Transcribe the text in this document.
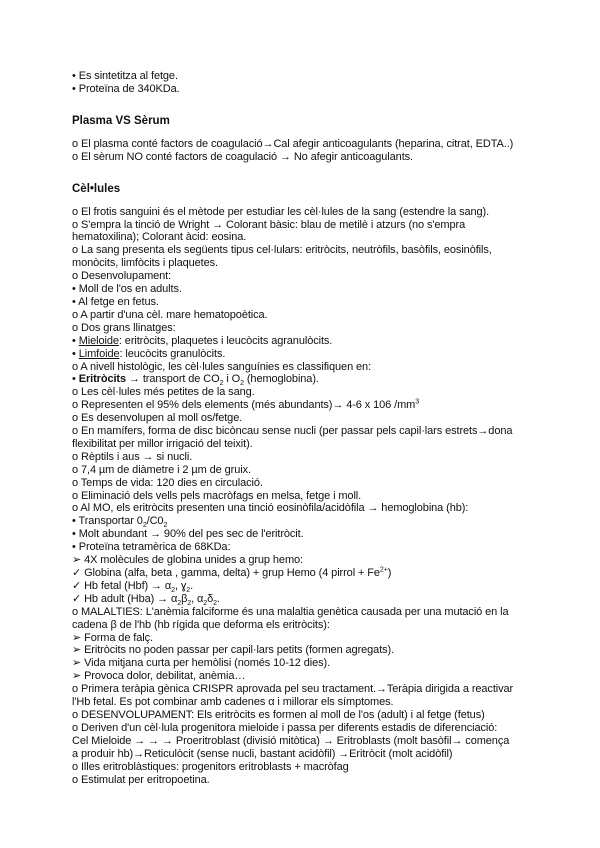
• Es sintetitza al fetge.

• Proteïna de 340KDa.

Plasma VS Sèrum

o El plasma conté factors de coagulació→Cal afegir anticoagulants (heparina, citrat, EDTA..)

o El sèrum NO conté factors de coagulació → No afegir anticoagulants.

Cèl•lules

o El frotis sanguini és el mètode per estudiar les cèl·lules de la sang (estendre la sang).

o S'empra la tinció de Wright → Colorant bàsic: blau de metilè i atzurs (no s'empra

hematoxilina); Colorant àcid: eosina.

o La sang presenta els següents tipus cel·lulars: eritròcits, neutròfils, basòfils, eosinòfils,

monòcits, limfòcits i plaquetes.

o Desenvolupament:

• Moll de l'os en adults.

• Al fetge en fetus.

o A partir d'una cèl. mare hematopoètica.

o Dos grans llinatges:

• Mieloide: eritròcits, plaquetes i leucòcits agranulòcits.

• Limfoide: leucòcits granulòcits.

o A nivell histològic, les cèl·lules sanguínies es classifiquen en:

• Eritròcits → transport de $CO_2$ i $O_2$ (hemoglobina).

o Les cèl·lules més petites de la sang.

o Representen el 95% dels elements (més abundants)→ 4-6 x 106 $/mm^3$

o Es desenvolupen al moll os/fetge.

o En mamífers, forma de disc bicòncau sense nucli (per passar pels capil·lars estrets→dona

flexibilitat per millor irrigació del teixit).

o Rèptils i aus → si nucli.

o 7,4 µm de diàmetre i 2 µm de gruix.

o Temps de vida: 120 dies en circulació.

o Eliminació dels vells pels macròfags en melsa, fetge i moll.

o Al MO, els eritròcits presenten una tinció eosinòfila/acidòfila → hemoglobina (hb):

• Transportar $0_2/C0_2$

• Molt abundant → 90% del pes sec de l'eritròcit.

• Proteïna tetramèrica de 68KDa:

➢ 4X molècules de globina unides a grup hemo:

✓ Globina (alfa, beta , gamma, delta) + grup Hemo (4 pirrol + $Fe^{2+}$)

✓ Hb fetal $(Hbf) \to \alpha_2$, ɣ$_2$.

✓ Hb adult $(Hba) \to \alpha_2\beta_2$, $\alpha_2\delta_2$.

o MALALTIES: L'anèmia falciforme és una malaltia genètica causada per una mutació en la

cadena β de l'hb (hb rígida que deforma els eritròcits):

➢ Forma de falç.

➢ Eritròcits no poden passar per capil·lars petits (formen agregats).

➢ Vida mitjana curta per hemòlisi (només 10-12 dies).

➢ Provoca dolor, debilitat, anèmia…

o Primera teràpia gènica CRISPR aprovada pel seu tractament.→Teràpia dirigida a reactivar

l'Hb fetal. Es pot combinar amb cadenes α i millorar els símptomes.

o DESENVOLUPAMENT: Els eritròcits es formen al moll de l'os (adult) i al fetge (fetus)

o Deriven d'un cèl·lula progenitora mieloide i passa per diferents estadis de diferenciació:

Cel Mieloide → → → Proeritroblast (divisió mitòtica) → Eritroblasts (molt basòfil→ comença

a produir hb)→Reticulòcit (sense nucli, bastant acidòfil) →Eritròcit (molt acidòfil)

o Illes eritroblàstiques: progenitors eritroblasts + macròfag

o Estimulat per eritropoetina.
